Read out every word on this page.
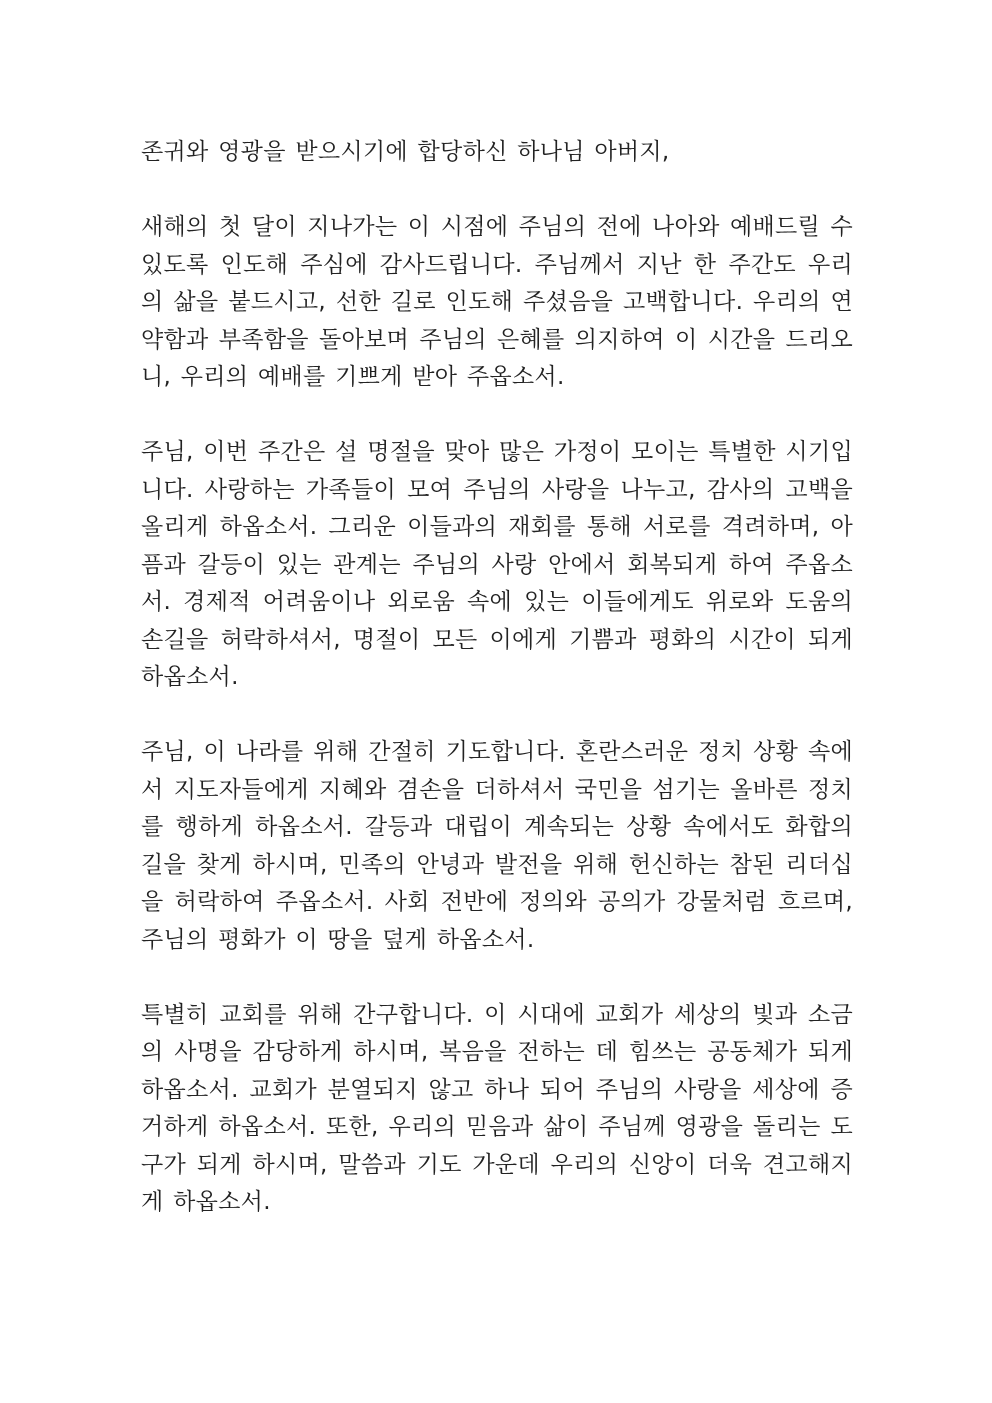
존귀와 영광을 받으시기에 합당하신 하나님 아버지,

새해의 첫 달이 지나가는 이 시점에 주님의 전에 나아와 예배드릴 수 있도록 인도해 주심에 감사드립니다. 주님께서 지난 한 주간도 우리의 삶을 붙드시고, 선한 길로 인도해 주셨음을 고백합니다. 우리의 연약함과 부족함을 돌아보며 주님의 은혜를 의지하여 이 시간을 드리오니, 우리의 예배를 기쁘게 받아 주옵소서.

주님, 이번 주간은 설 명절을 맞아 많은 가정이 모이는 특별한 시기입니다. 사랑하는 가족들이 모여 주님의 사랑을 나누고, 감사의 고백을 올리게 하옵소서. 그리운 이들과의 재회를 통해 서로를 격려하며, 아픔과 갈등이 있는 관계는 주님의 사랑 안에서 회복되게 하여 주옵소서. 경제적 어려움이나 외로움 속에 있는 이들에게도 위로와 도움의 손길을 허락하셔서, 명절이 모든 이에게 기쁨과 평화의 시간이 되게 하옵소서.

주님, 이 나라를 위해 간절히 기도합니다. 혼란스러운 정치 상황 속에서 지도자들에게 지혜와 겸손을 더하셔서 국민을 섬기는 올바른 정치를 행하게 하옵소서. 갈등과 대립이 계속되는 상황 속에서도 화합의 길을 찾게 하시며, 민족의 안녕과 발전을 위해 헌신하는 참된 리더십을 허락하여 주옵소서. 사회 전반에 정의와 공의가 강물처럼 흐르며, 주님의 평화가 이 땅을 덮게 하옵소서.

특별히 교회를 위해 간구합니다. 이 시대에 교회가 세상의 빛과 소금의 사명을 감당하게 하시며, 복음을 전하는 데 힘쓰는 공동체가 되게 하옵소서. 교회가 분열되지 않고 하나 되어 주님의 사랑을 세상에 증거하게 하옵소서. 또한, 우리의 믿음과 삶이 주님께 영광을 돌리는 도구가 되게 하시며, 말씀과 기도 가운데 우리의 신앙이 더욱 견고해지게 하옵소서.
